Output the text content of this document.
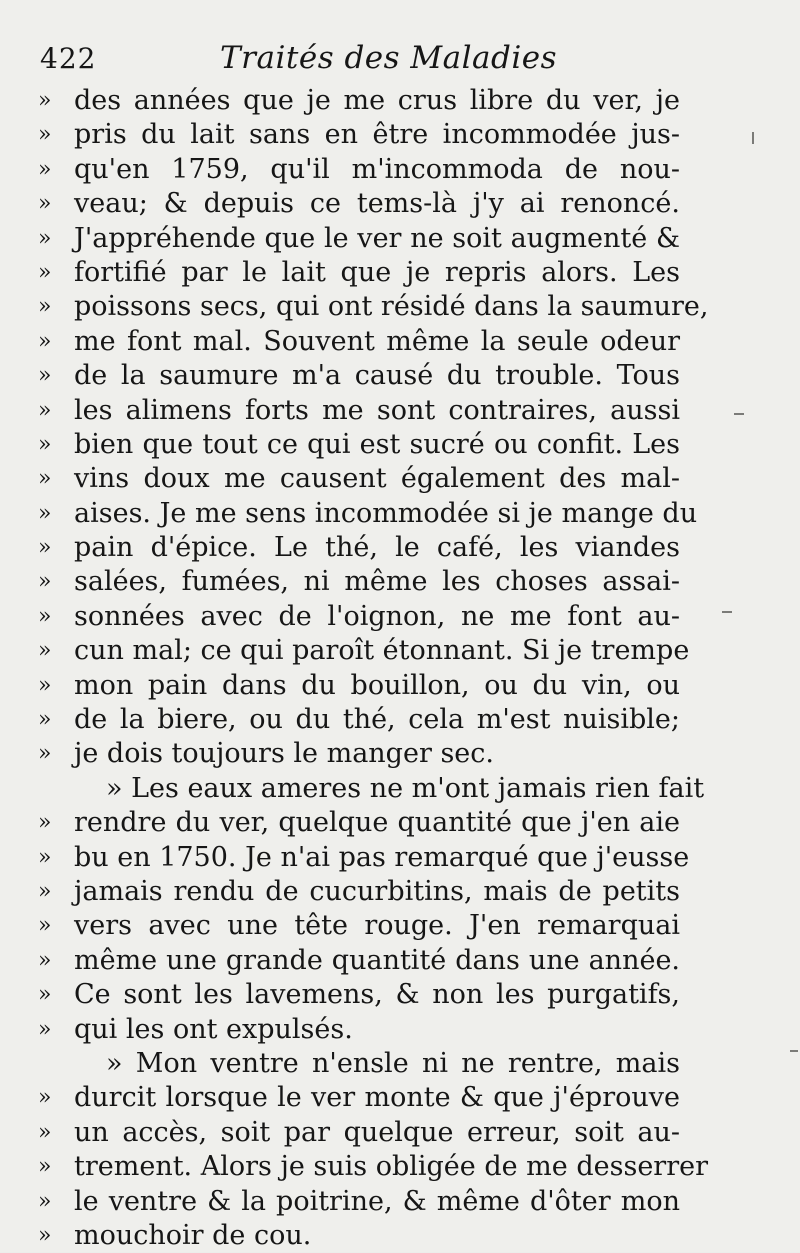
422	Traités des Maladies
» des années que je me crus libre du ver, je
» pris du lait sans en être incommodée jus-
» qu'en 1759, qu'il m'incommoda de nou-
» veau; & depuis ce tems-là j'y ai renoncé.
» J'appréhende que le ver ne soit augmenté &
» fortifié par le lait que je repris alors. Les
» poissons secs, qui ont résidé dans la saumure,
» me font mal. Souvent même la seule odeur
» de la saumure m'a causé du trouble. Tous
» les alimens forts me sont contraires, aussi
» bien que tout ce qui est sucré ou confit. Les
» vins doux me causent également des mal-
» aises. Je me sens incommodée si je mange du
» pain d'épice. Le thé, le café, les viandes
» salées, fumées, ni même les choses assai-
» sonnées avec de l'oignon, ne me font au-
» cun mal; ce qui paroît étonnant. Si je trempe
» mon pain dans du bouillon, ou du vin, ou
» de la biere, ou du thé, cela m'est nuisible;
» je dois toujours le manger sec.
» Les eaux ameres ne m'ont jamais rien fait
» rendre du ver, quelque quantité que j'en aie
» bu en 1750. Je n'ai pas remarqué que j'eusse
» jamais rendu de cucurbitins, mais de petits
» vers avec une tête rouge. J'en remarquai
» même une grande quantité dans une année.
» Ce sont les lavemens, & non les purgatifs,
» qui les ont expulsés.
» Mon ventre n'ensle ni ne rentre, mais
» durcit lorsque le ver monte & que j'éprouve
» un accès, soit par quelque erreur, soit au-
» trement. Alors je suis obligée de me desserrer
» le ventre & la poitrine, & même d'ôter mon
» mouchoir de cou.
